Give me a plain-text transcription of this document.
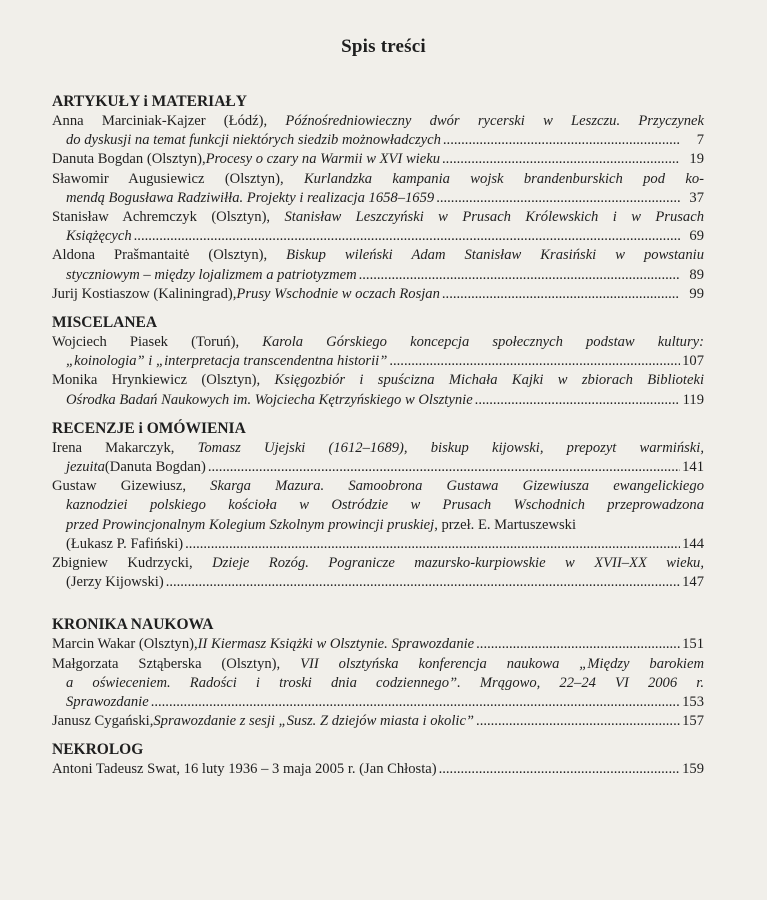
Spis treści
ARTYKUŁY i MATERIAŁY
Anna Marciniak-Kajzer (Łódź), Późnośredniowieczny dwór rycerski w Leszczu. Przyczynek
do dyskusji na temat funkcji niektórych siedzib możnowładczych .....	7
Danuta Bogdan (Olsztyn), Procesy o czary na Warmii w XVI wieku .....	19
Sławomir Augusiewicz (Olsztyn), Kurlandzka kampania wojsk brandenburskich pod ko-
mendą Bogusława Radziwiłła. Projekty i realizacja 1658–1659 .....	37
Stanisław Achremczyk (Olsztyn), Stanisław Leszczyński w Prusach Królewskich i w Prusach
Książęcych .....	69
Aldona Prašmantaitė (Olsztyn), Biskup wileński Adam Stanisław Krasiński w powstaniu
styczniowym – między lojalizmem a patriotyzmem .....	89
Jurij Kostiaszow (Kaliningrad), Prusy Wschodnie w oczach Rosjan .....	99
MISCELANEA
Wojciech Piasek (Toruń), Karola Górskiego koncepcja społecznych podstaw kultury:
„koinologia” i „interpretacja transcendentna historii” .....	107
Monika Hrynkiewicz (Olsztyn), Księgozbiór i spuścizna Michała Kajki w zbiorach Biblioteki
Ośrodka Badań Naukowych im. Wojciecha Kętrzyńskiego w Olsztynie .....	119
RECENZJE i OMÓWIENIA
Irena Makarczyk, Tomasz Ujejski (1612–1689), biskup kijowski, prepozyt warmiński,
jezuita (Danuta Bogdan) .....	141
Gustaw Gizewiusz, Skarga Mazura. Samoobrona Gustawa Gizewiusza ewangelickiego
kaznodziei polskiego kościoła w Ostródzie w Prusach Wschodnich przeprowadzona
przed Prowincjonalnym Kolegium Szkolnym prowincji pruskiej , przeł. E. Martuszewski
(Łukasz P. Fafiński) .....	144
Zbigniew Kudrzycki, Dzieje Rozóg. Pogranicze mazursko-kurpiowskie w XVII–XX wieku,
(Jerzy Kijowski) .....	147
KRONIKA NAUKOWA
Marcin Wakar (Olsztyn), II Kiermasz Książki w Olsztynie. Sprawozdanie .....	151
Małgorzata Sztąberska (Olsztyn), VII olsztyńska konferencja naukowa „Między barokiem
a oświeceniem. Radości i troski dnia codziennego”. Mrągowo, 22–24 VI 2006 r.
Sprawozdanie .....	153
Janusz Cygański, Sprawozdanie z sesji „Susz. Z dziejów miasta i okolic” .....	157
NEKROLOG
Antoni Tadeusz Swat, 16 luty 1936 – 3 maja 2005 r. (Jan Chłosta) .....	159
